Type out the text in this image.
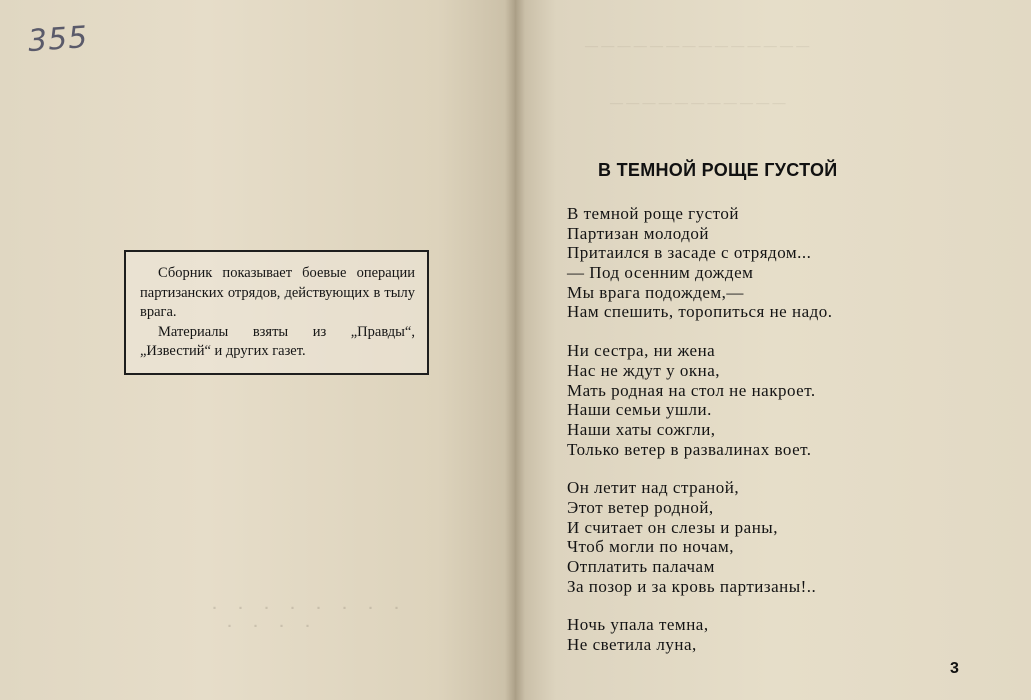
355
· · · · · · · ·
· · · ·

Сборник показывает боевые операции партизанских отрядов, действующих в тылу врага.

Материалы взяты из „Правды“, „Известий“ и других газет.

— — — — — — — — — — — — — —
— — — — — — — — — — —
В ТЕМНОЙ РОЩЕ ГУСТОЙ
В темной роще густой
Партизан молодой
Притаился в засаде с отрядом...
— Под осенним дождем
Мы врага подождем,—
Нам спешить, торопиться не надо.
Ни сестра, ни жена
Нас не ждут у окна,
Мать родная на стол не накроет.
Наши семьи ушли.
Наши хаты сожгли,
Только ветер в развалинах воет.
Он летит над страной,
Этот ветер родной,
И считает он слезы и раны,
Чтоб могли по ночам,
Отплатить палачам
За позор и за кровь партизаны!..
Ночь упала темна,
Не светила луна,
3
